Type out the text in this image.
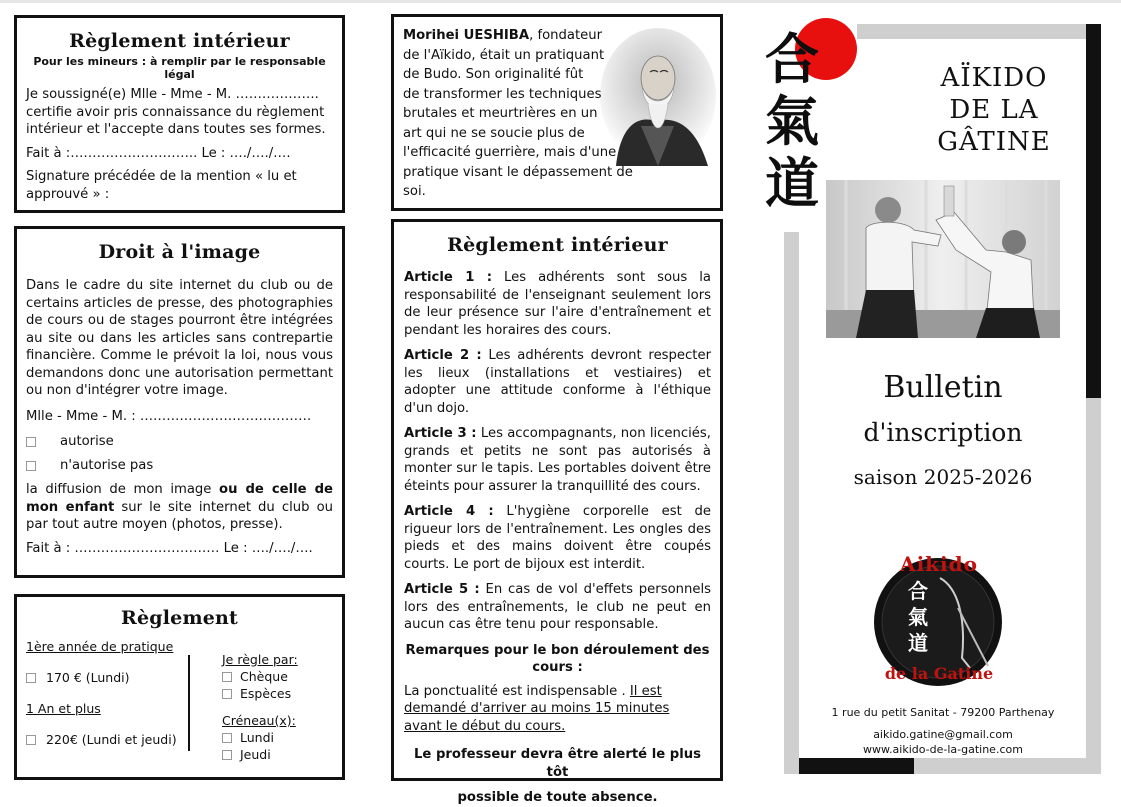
Règlement intérieur
Pour les mineurs : à remplir par le responsable légal

Je soussigné(e) Mlle - Mme - M. ……………….

certifie avoir pris connaissance du règlement intérieur et l'accepte dans toutes ses formes.

Fait à :……………………….. Le : …./…./….

Signature précédée de la mention « lu et approuvé » :

Droit à l'image

Dans le cadre du site internet du club ou de certains articles de presse, des photographies de cours ou de stages pourront être intégrées au site ou dans les articles sans contrepartie financière. Comme le prévoit la loi, nous vous demandons donc une autorisation permettant ou non d'intégrer votre image.

Mlle - Mme - M. : …………………………………

autorise
n'autorise pas

la diffusion de mon image ou de celle de mon enfant sur le site internet du club ou par tout autre moyen (photos, presse).

Fait à : …………………………… Le : …./…./….

Règlement
1ère année de pratique
170 € (Lundi)
1 An et plus
220€ (Lundi et jeudi)
Je règle par:
Chèque
Espèces
Créneau(x):
Lundi
Jeudi

Morihei UESHIBA, fondateur de l'Aïkido, était un pratiquant de Budo. Son originalité fût de transformer les techniques brutales et meurtrières en un art qui ne se soucie plus de l'efficacité guerrière, mais d'une pratique visant le dépassement de soi.

Règlement intérieur

Article 1 : Les adhérents sont sous la responsabilité de l'enseignant seulement lors de leur présence sur l'aire d'entraînement et pendant les horaires des cours.

Article 2 : Les adhérents devront respecter les lieux (installations et vestiaires) et adopter une attitude conforme à l'éthique d'un dojo.

Article 3 : Les accompagnants, non licenciés, grands et petits ne sont pas autorisés à monter sur le tapis. Les portables doivent être éteints pour assurer la tranquillité des cours.

Article 4 : L'hygiène corporelle est de rigueur lors de l'entraînement. Les ongles des pieds et des mains doivent être coupés courts. Le port de bijoux est interdit.

Article 5 : En cas de vol d'effets personnels lors des entraînements, le club ne peut en aucun cas être tenu pour responsable.

Remarques pour le bon déroulement des cours :

La ponctualité est indispensable . Il est demandé d'arriver au moins 15 minutes avant le début du cours.

Le professeur devra être alerté le plus tôt

possible de toute absence.

合
氣
道
AÏKIDO
DE LA
GÂTINE
Bulletin
d'inscription
saison 2025-2026
Aikido
合氣道
de la Gatine
1 rue du petit Sanitat - 79200 Parthenay
aikido.gatine@gmail.com
www.aikido-de-la-gatine.com
